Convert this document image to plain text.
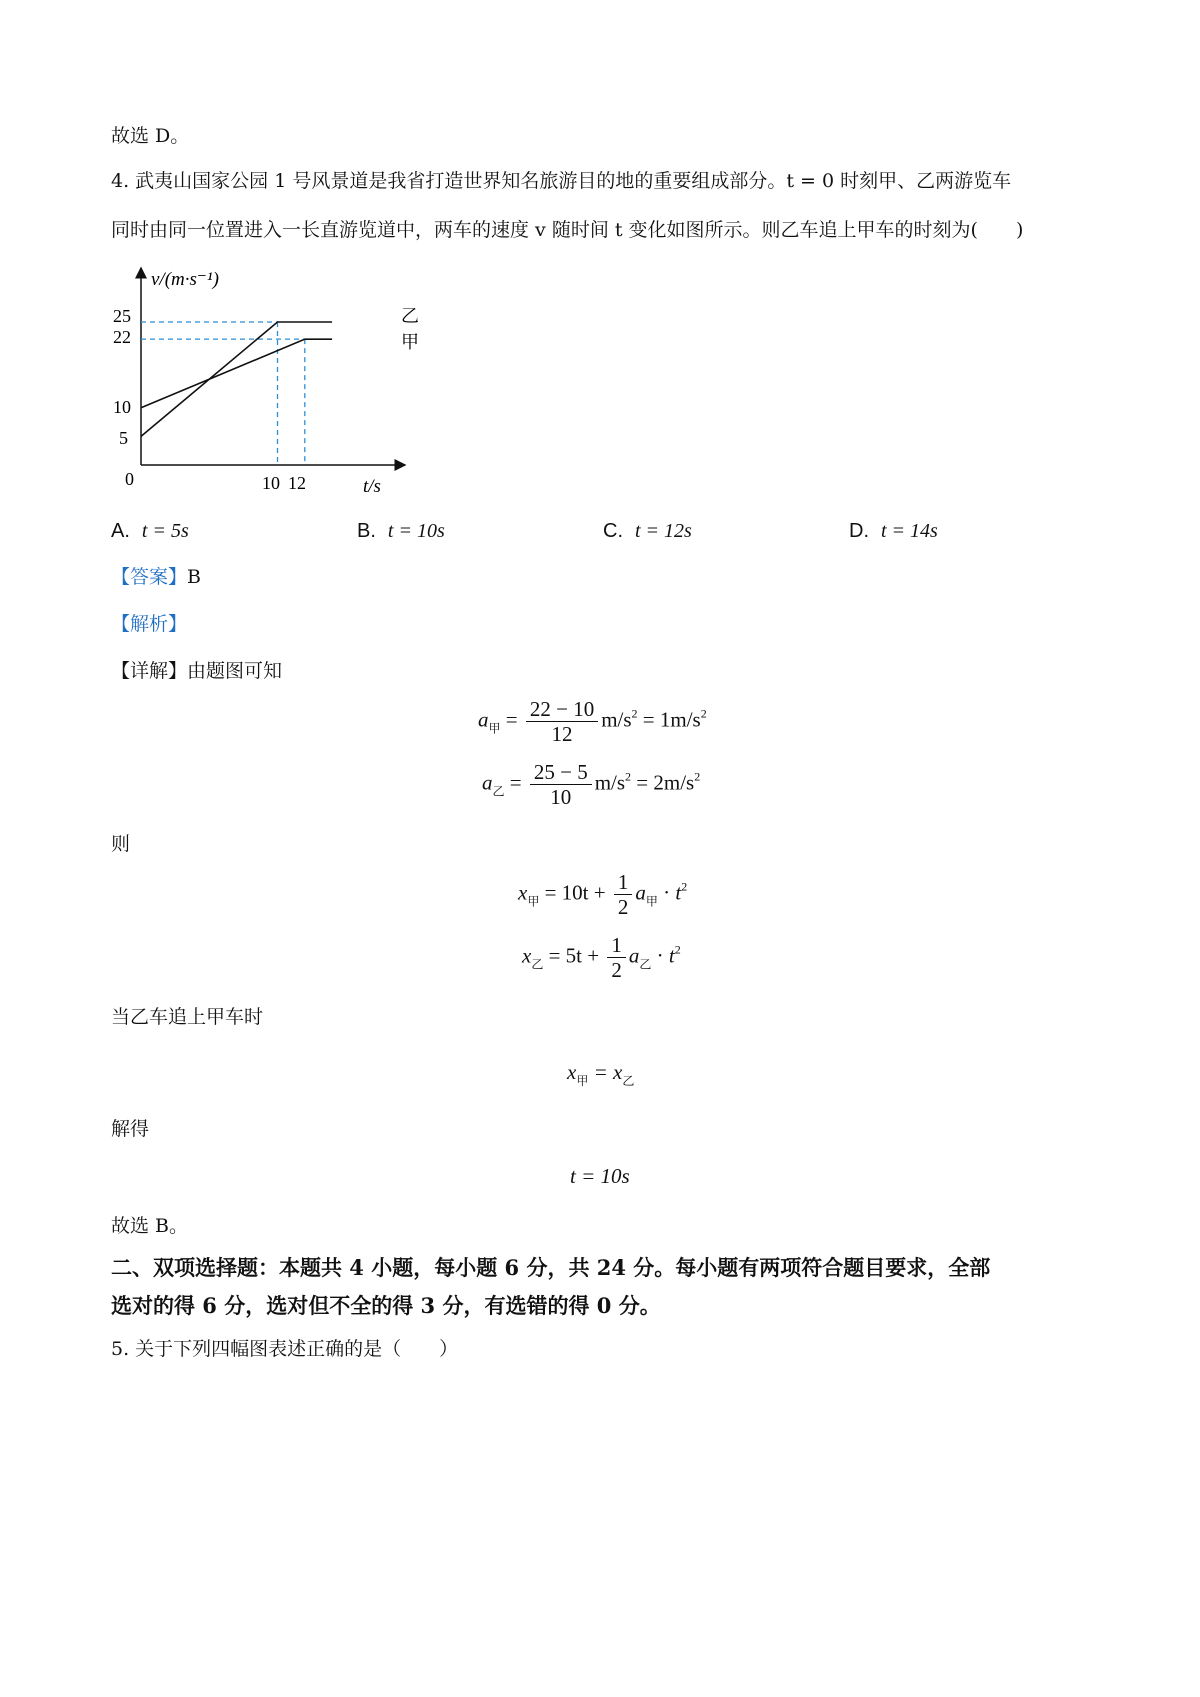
故选 D。
4. 武夷山国家公园 1 号风景道是我省打造世界知名旅游目的地的重要组成部分。t = 0 时刻甲、乙两游览车
同时由同一位置进入一长直游览道中，两车的速度 v 随时间 t 变化如图所示。则乙车追上甲车的时刻为(　　)
v/(m·s⁻¹)
t/s
0
25
22
10
5
10 12
乙
甲
A. t = 5s	B. t = 10s	C. t = 12s	D. t = 14s
【答案】B
【解析】
【详解】由题图可知
$a_甲 = \frac{22 - 10}{12} m/s^2 = 1m/s^2$
$a_乙 = \frac{25 - 5}{10} m/s^2 = 2m/s^2$
则
$x_甲 = 10t + \frac{1}{2} a_甲 \cdot t^2$
$x_乙 = 5t + \frac{1}{2} a_乙 \cdot t^2$
当乙车追上甲车时
$x_甲 = x_乙$
解得
t = 10s
故选 B。
二、双项选择题：本题共 4 小题，每小题 6 分，共 24 分。每小题有两项符合题目要求，全部
选对的得 6 分，选对但不全的得 3 分，有选错的得 0 分。
5. 关于下列四幅图表述正确的是（　　）
